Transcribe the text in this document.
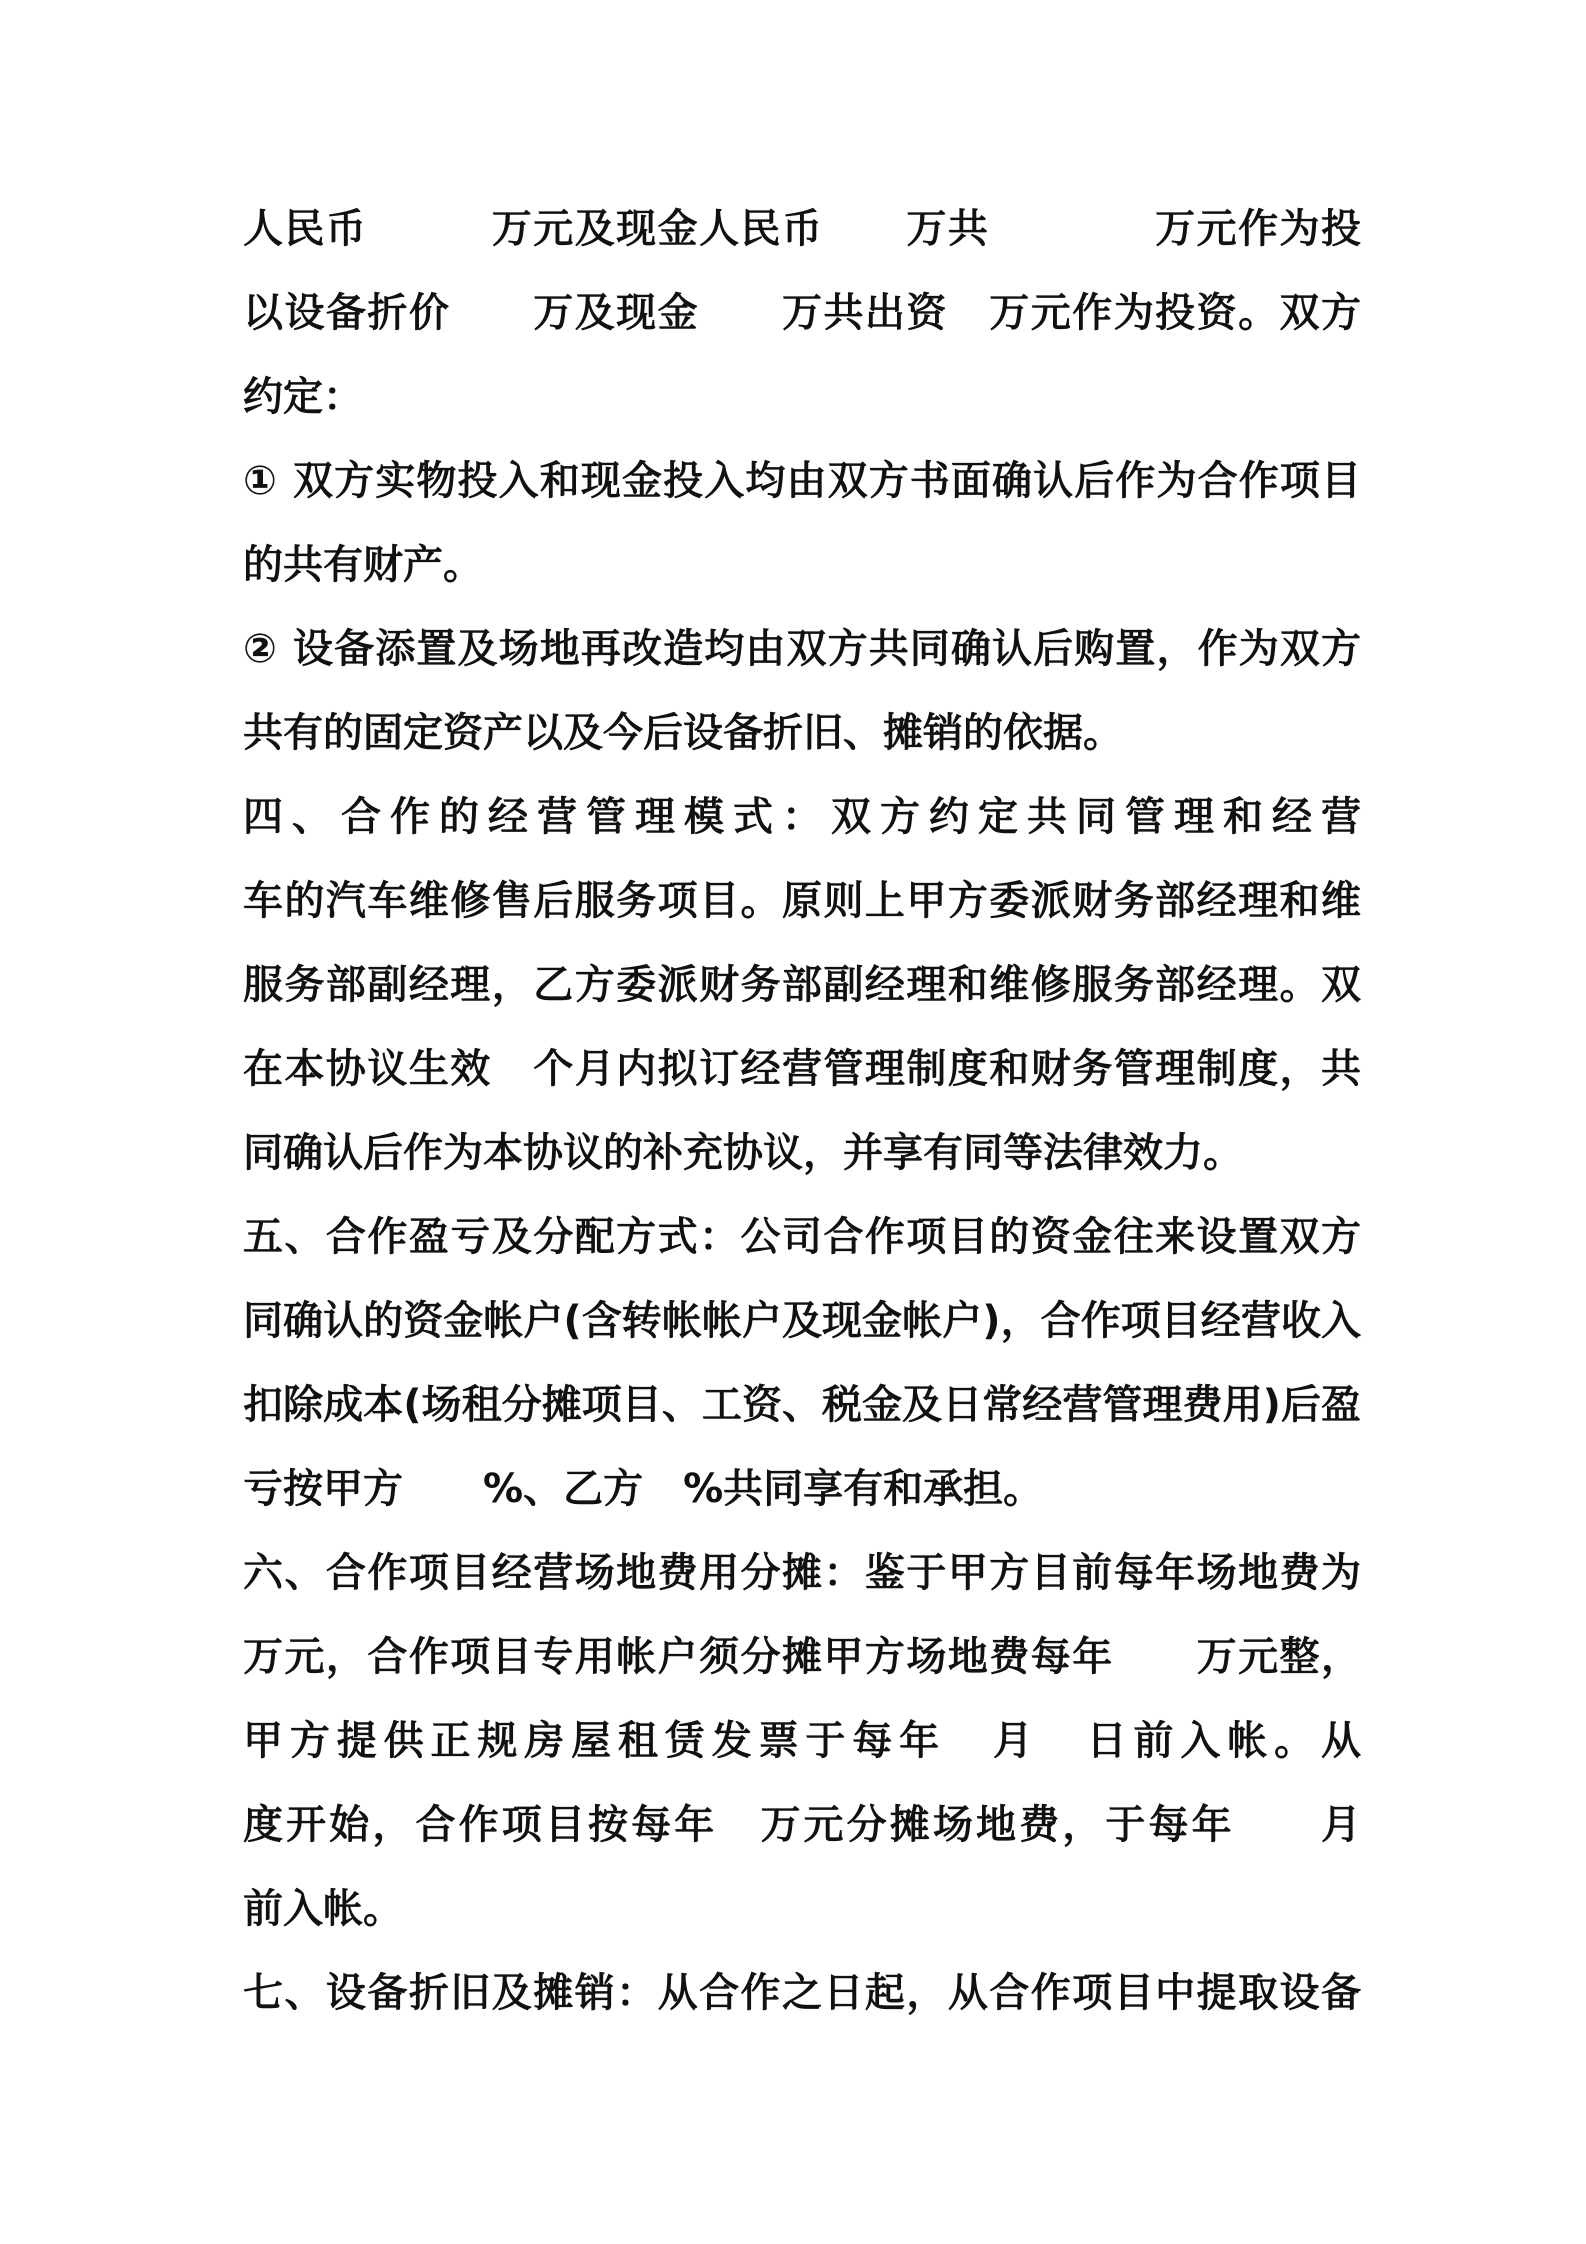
人民币　　　万元及现金人民币　　万共　　　　万元作为投
以设备折价　　万及现金　　万共出资　万元作为投资。双方
约定：
① 双方实物投入和现金投入均由双方书面确认后作为合作项目
的共有财产。
② 设备添置及场地再改造均由双方共同确认后购置，作为双方
共有的固定资产以及今后设备折旧、摊销的依据。
四、合作的经营管理模式：双方约定共同管理和经营　　　　
车的汽车维修售后服务项目。原则上甲方委派财务部经理和维
服务部副经理，乙方委派财务部副经理和维修服务部经理。双
在本协议生效　个月内拟订经营管理制度和财务管理制度，共
同确认后作为本协议的补充协议，并享有同等法律效力。
五、合作盈亏及分配方式：公司合作项目的资金往来设置双方
同确认的资金帐户(含转帐帐户及现金帐户)，合作项目经营收入
扣除成本(场租分摊项目、工资、税金及日常经营管理费用)后盈
亏按甲方　　%、乙方　%共同享有和承担。
六、合作项目经营场地费用分摊：鉴于甲方目前每年场地费为
万元，合作项目专用帐户须分摊甲方场地费每年　　万元整，
甲方提供正规房屋租赁发票于每年　月　日前入帐。从　　　
度开始，合作项目按每年　万元分摊场地费，于每年　　月　　
前入帐。
七、设备折旧及摊销：从合作之日起，从合作项目中提取设备
